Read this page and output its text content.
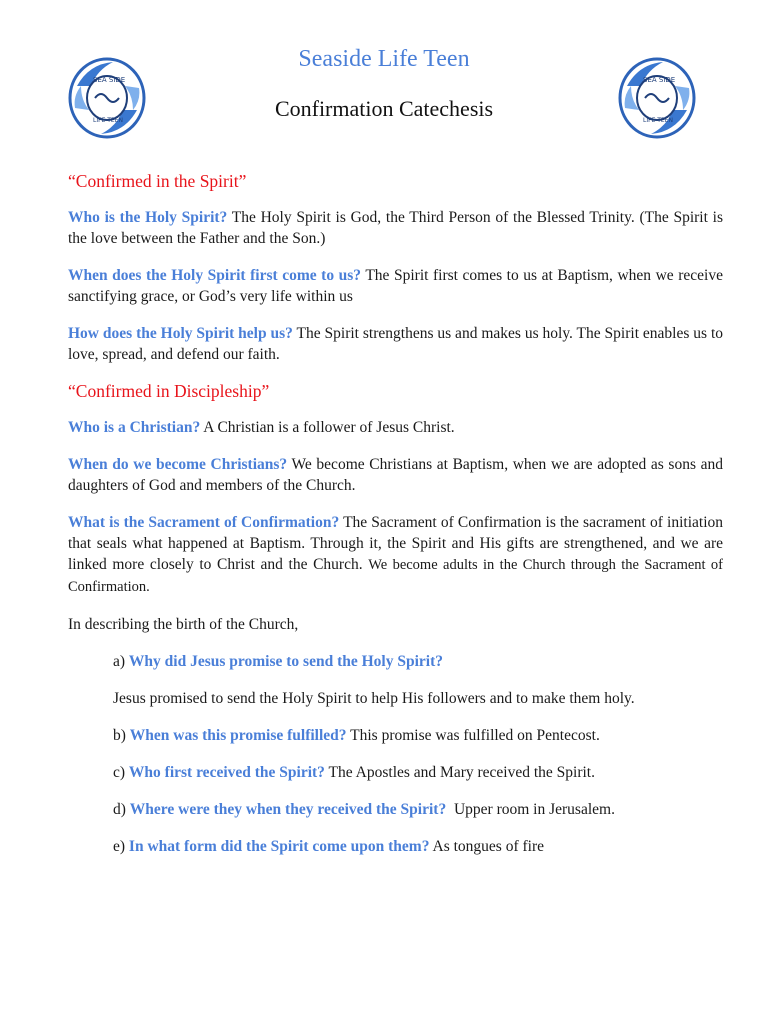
SEA SIDE
LIFE TEEN
SEA SIDE
LIFE TEEN
Seaside Life Teen
Confirmation Catechesis
“Confirmed in the Spirit”

Who is the Holy Spirit? The Holy Spirit is God, the Third Person of the Blessed Trinity. (The Spirit is the love between the Father and the Son.)

When does the Holy Spirit first come to us? The Spirit first comes to us at Baptism, when we receive sanctifying grace, or God’s very life within us

How does the Holy Spirit help us? The Spirit strengthens us and makes us holy. The Spirit enables us to love, spread, and defend our faith.

“Confirmed in Discipleship”

Who is a Christian? A Christian is a follower of Jesus Christ.

When do we become Christians? We become Christians at Baptism, when we are adopted as sons and daughters of God and members of the Church.

What is the Sacrament of Confirmation? The Sacrament of Confirmation is the sacrament of initiation that seals what happened at Baptism. Through it, the Spirit and His gifts are strengthened, and we are linked more closely to Christ and the Church. We become adults in the Church through the Sacrament of Confirmation.

In describing the birth of the Church,

a) Why did Jesus promise to send the Holy Spirit?

Jesus promised to send the Holy Spirit to help His followers and to make them holy.

b) When was this promise fulfilled? This promise was fulfilled on Pentecost.

c) Who first received the Spirit? The Apostles and Mary received the Spirit.

d) Where were they when they received the Spirit? Upper room in Jerusalem.

e) In what form did the Spirit come upon them? As tongues of fire
